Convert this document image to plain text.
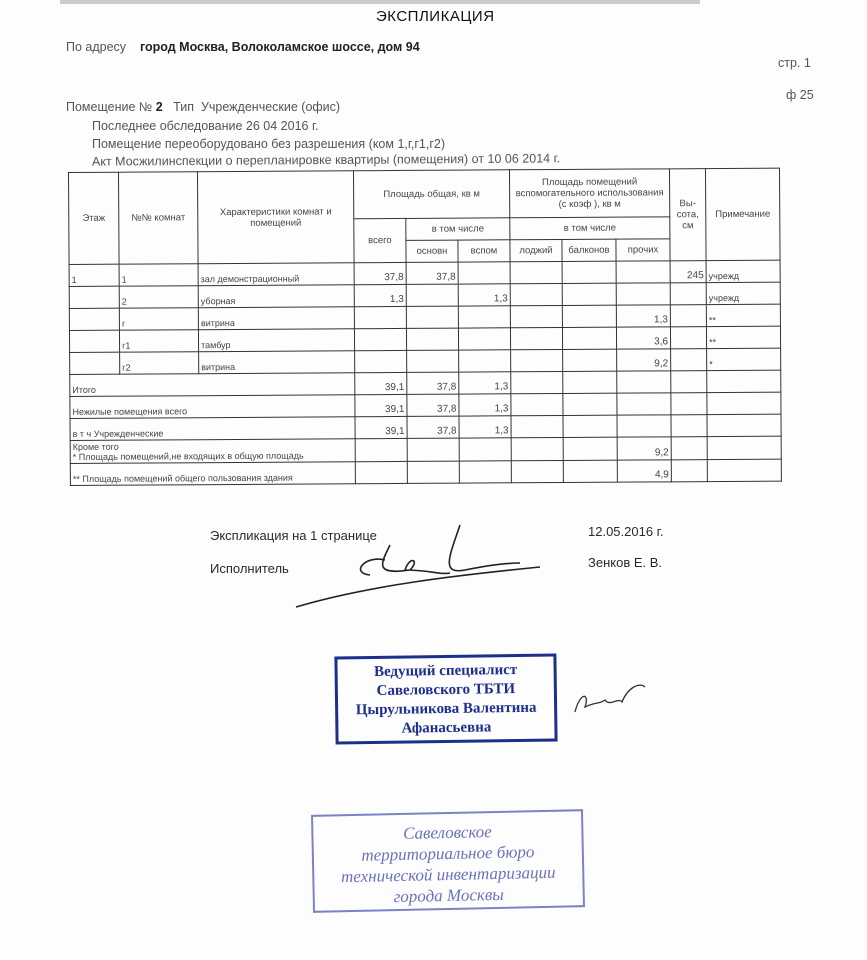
ЭКСПЛИКАЦИЯ
По адресу город Москва, Волоколамское шоссе, дом 94
стр. 1
ф 25
Помещение № 2 Тип Учрежденческие (офис)
Последнее обследование 26 04 2016 г.
Помещение переоборудовано без разрешения (ком 1,г,г1,г2)
Акт Мосжилинспекции о перепланировке квартиры (помещения) от 10 06 2014 г.
Этаж	№№ комнат	Характеристики комнат и помещений	Площадь общая, кв м			Площадь помещений вспомогательного использования (с коэф ), кв м			Вы-сота, см	Примечание
			всего	в том числе		в том числе				
				основн	вспом	лоджий	балконов	прочих		
1	1	зал демонстрационный	37,8	37,8					245	учрежд
	2	уборная	1,3		1,3					учрежд
	г	витрина						1,3		**
	г1	тамбур						3,6		**
	г2	витрина						9,2		*
Итого			39,1	37,8	1,3					
Нежилые помещения всего			39,1	37,8	1,3					
в т ч Учрежденческие			39,1	37,8	1,3					
Кроме того
* Площадь помещений,не входящих в общую площадь								9,2		
** Площадь помещений общего пользования здания								4,9		
Экспликация на 1 странице	12.05.2016 г.
Исполнитель	Зенков Е. В.
Ведущий специалист
Савеловского ТБТИ
Цырульникова Валентина
Афанасьевна
Савеловское
территориальное бюро
технической инвентаризации
города Москвы
